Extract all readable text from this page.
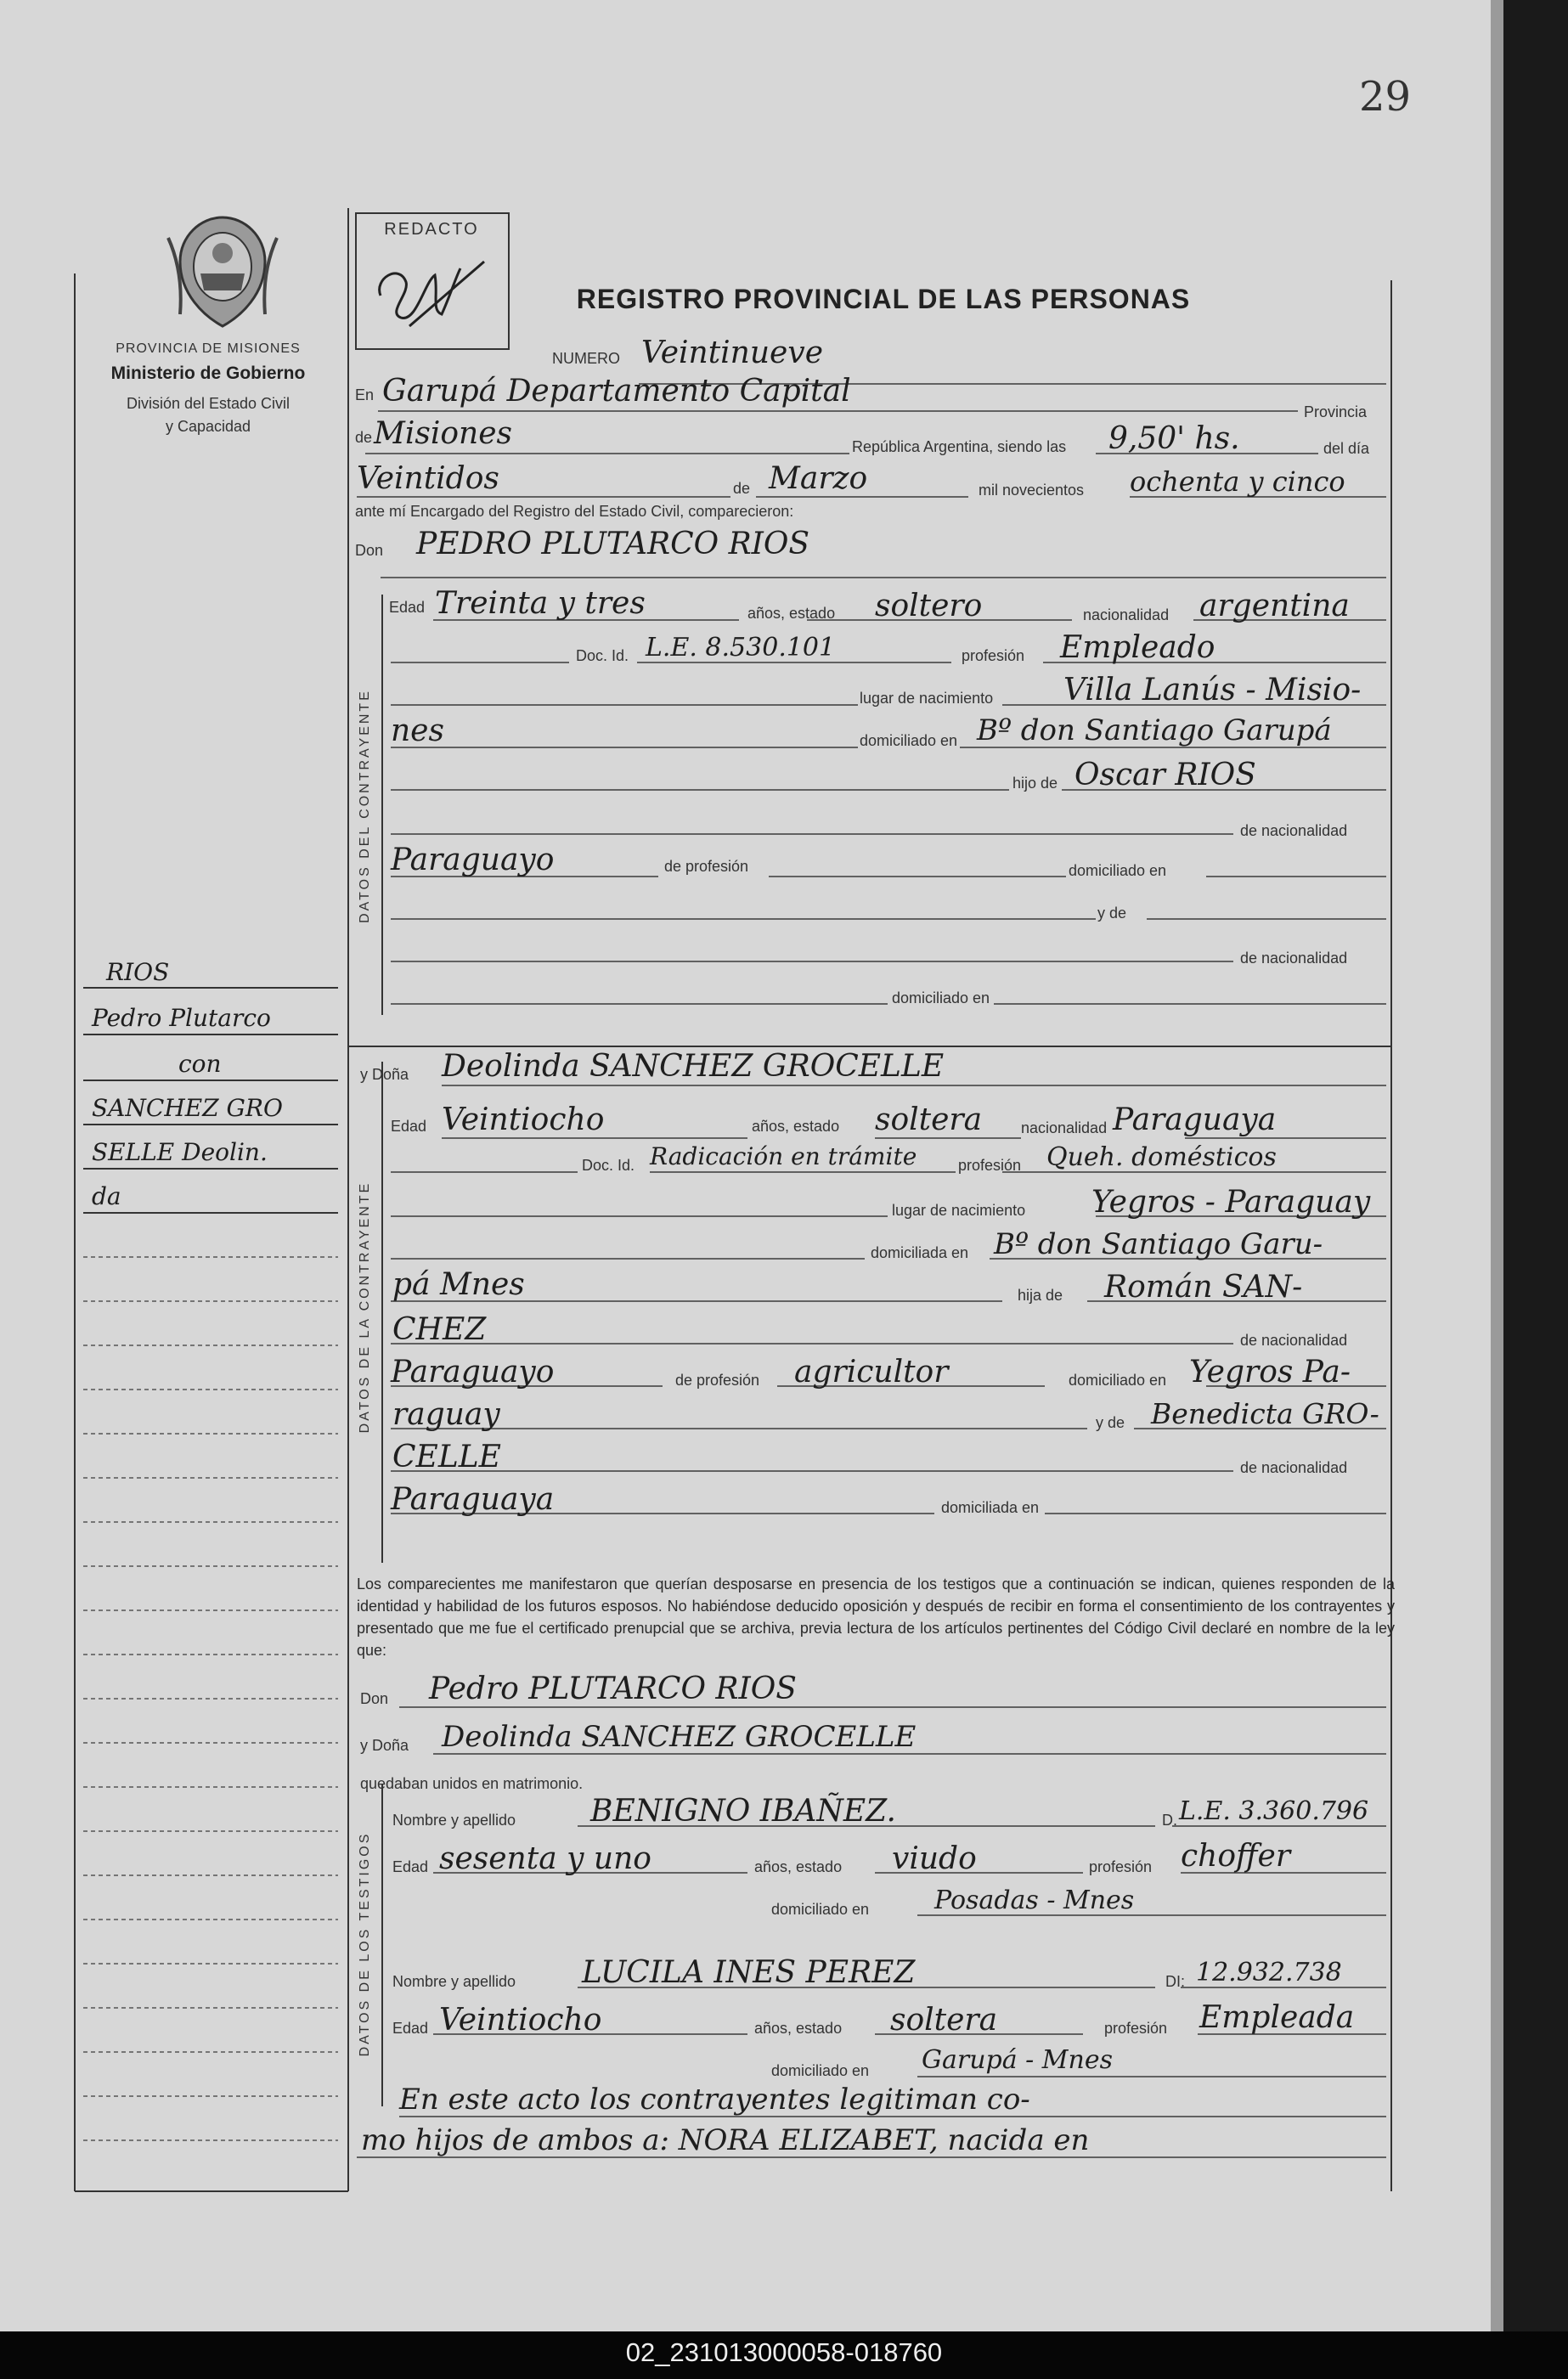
29
PROVINCIA DE MISIONES
Ministerio de Gobierno
División del Estado Civil
y Capacidad
REDACTO
REGISTRO PROVINCIAL DE LAS PERSONAS
NUMERO Veintinueve
En Garupá Departamento Capital
Provincia
de Misiones	República Argentina, siendo las 9,50' hs.	del día
Veintidos	de Marzo	mil novecientos ochenta y cinco
ante mí Encargado del Registro del Estado Civil, comparecieron:
Don PEDRO PLUTARCO RIOS
DATOS DEL CONTRAYENTE
Edad Treinta y tres	años, estado soltero	nacionalidad argentina
Doc. Id. L.E. 8.530.101	profesión Empleado
lugar de nacimiento Villa Lanús - Misio-
nes	domiciliado en Bº don Santiago Garupá
hijo de Oscar RIOS
de nacionalidad
Paraguayo	de profesión	domiciliado en
y de
de nacionalidad
domiciliado en
y Doña Deolinda SANCHEZ GROCELLE
DATOS DE LA CONTRAYENTE
Edad Veintiocho	años, estado soltera	nacionalidad Paraguaya
Doc. Id. Radicación en trámite	profesión Queh. domésticos
lugar de nacimiento Yegros - Paraguay
domiciliada en Bº don Santiago Garu-
pá Mnes	hija de Román SAN-
CHEZ	de nacionalidad
Paraguayo	de profesión agricultor	domiciliado en Yegros Pa-
raguay	y de Benedicta GRO-
CELLE	de nacionalidad
Paraguaya	domiciliada en
Los comparecientes me manifestaron que querían desposarse en presencia de los testigos que a continuación se indican, quienes responden de la identidad y habilidad de los futuros esposos. No habiéndose deducido oposición y después de recibir en forma el consentimiento de los contrayentes y presentado que me fue el certificado prenupcial que se archiva, previa lectura de los artículos pertinentes del Código Civil declaré en nombre de la ley que:
Don Pedro PLUTARCO RIOS
y Doña Deolinda SANCHEZ GROCELLE
quedaban unidos en matrimonio.
DATOS DE LOS TESTIGOS
Nombre y apellido BENIGNO IBAÑEZ.	D. L.E. 3.360.796
Edad sesenta y uno	años, estado viudo	profesión choffer
domiciliado en	Posadas - Mnes
Nombre y apellido LUCILA INES PEREZ	DI: 12.932.738
Edad Veintiocho	años, estado soltera	profesión Empleada
domiciliado en Garupá - Mnes
En este acto los contrayentes legitiman co-
mo hijos de ambos a: NORA ELIZABET, nacida en
RIOS
Pedro Plutarco
con
SANCHEZ GRO
SELLE Deolin.
da
02_231013000058-018760
